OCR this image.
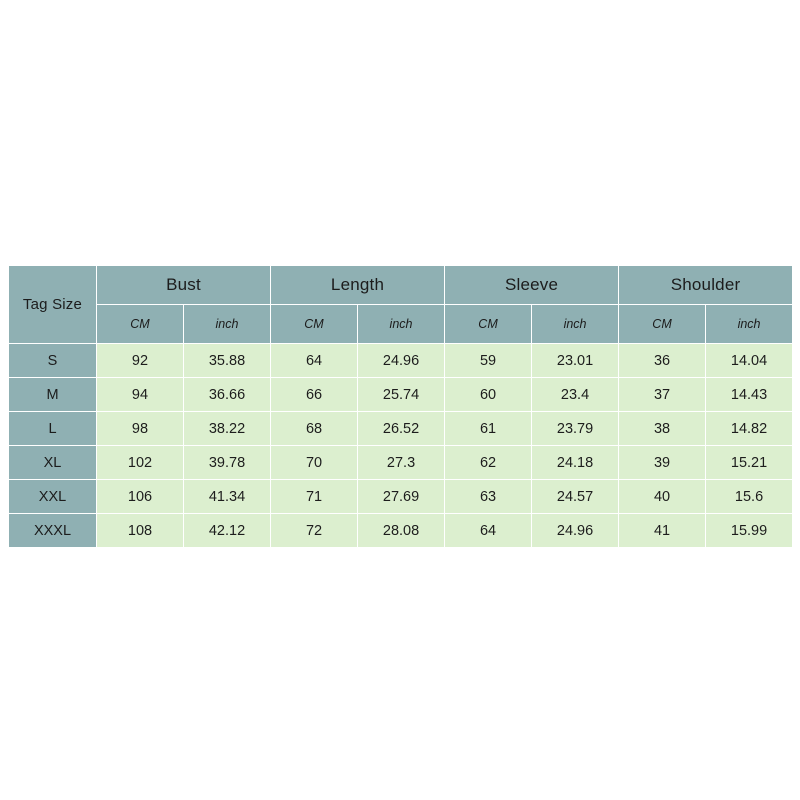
Tag Size	Bust		Length		Sleeve		Shoulder	
	CM	inch	CM	inch	CM	inch	CM	inch
S	92	35.88	64	24.96	59	23.01	36	14.04
M	94	36.66	66	25.74	60	23.4	37	14.43
L	98	38.22	68	26.52	61	23.79	38	14.82
XL	102	39.78	70	27.3	62	24.18	39	15.21
XXL	106	41.34	71	27.69	63	24.57	40	15.6
XXXL	108	42.12	72	28.08	64	24.96	41	15.99
